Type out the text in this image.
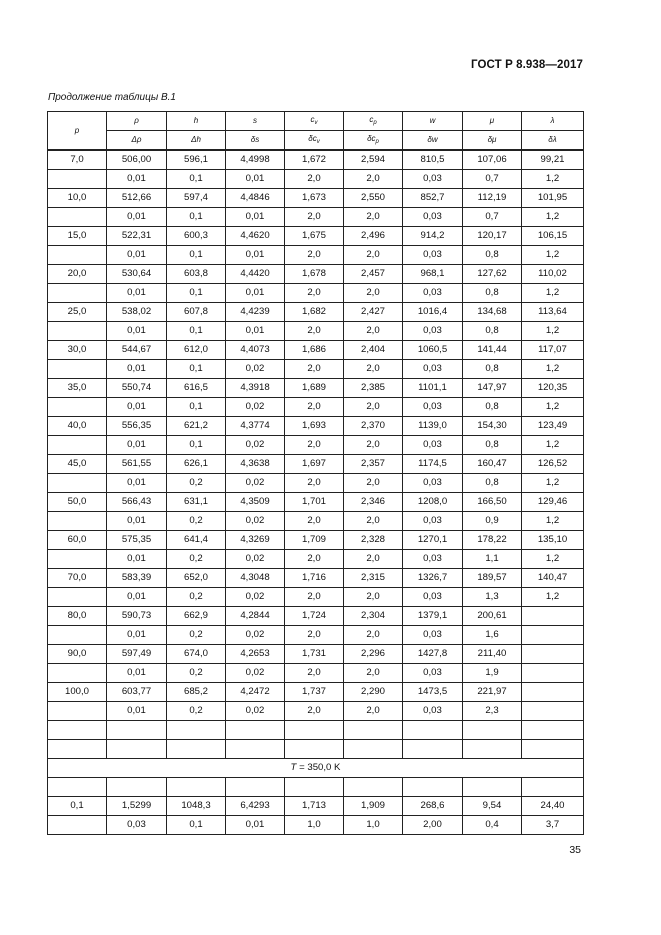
ГОСТ Р 8.938—2017
Продолжение таблицы В.1
p	ρ	h	s	$c_v$	$c_p$	w	μ	λ
	Δρ	Δh	δs	$\delta c_v$	$\delta c_p$	δw	δμ	δλ
7,0	506,00	596,1	4,4998	1,672	2,594	810,5	107,06	99,21
	0,01	0,1	0,01	2,0	2,0	0,03	0,7	1,2
10,0	512,66	597,4	4,4846	1,673	2,550	852,7	112,19	101,95
	0,01	0,1	0,01	2,0	2,0	0,03	0,7	1,2
15,0	522,31	600,3	4,4620	1,675	2,496	914,2	120,17	106,15
	0,01	0,1	0,01	2,0	2,0	0,03	0,8	1,2
20,0	530,64	603,8	4,4420	1,678	2,457	968,1	127,62	110,02
	0,01	0,1	0,01	2,0	2,0	0,03	0,8	1,2
25,0	538,02	607,8	4,4239	1,682	2,427	1016,4	134,68	113,64
	0,01	0,1	0,01	2,0	2,0	0,03	0,8	1,2
30,0	544,67	612,0	4,4073	1,686	2,404	1060,5	141,44	117,07
	0,01	0,1	0,02	2,0	2,0	0,03	0,8	1,2
35,0	550,74	616,5	4,3918	1,689	2,385	1101,1	147,97	120,35
	0,01	0,1	0,02	2,0	2,0	0,03	0,8	1,2
40,0	556,35	621,2	4,3774	1,693	2,370	1139,0	154,30	123,49
	0,01	0,1	0,02	2,0	2,0	0,03	0,8	1,2
45,0	561,55	626,1	4,3638	1,697	2,357	1174,5	160,47	126,52
	0,01	0,2	0,02	2,0	2,0	0,03	0,8	1,2
50,0	566,43	631,1	4,3509	1,701	2,346	1208,0	166,50	129,46
	0,01	0,2	0,02	2,0	2,0	0,03	0,9	1,2
60,0	575,35	641,4	4,3269	1,709	2,328	1270,1	178,22	135,10
	0,01	0,2	0,02	2,0	2,0	0,03	1,1	1,2
70,0	583,39	652,0	4,3048	1,716	2,315	1326,7	189,57	140,47
	0,01	0,2	0,02	2,0	2,0	0,03	1,3	1,2
80,0	590,73	662,9	4,2844	1,724	2,304	1379,1	200,61	
	0,01	0,2	0,02	2,0	2,0	0,03	1,6	
90,0	597,49	674,0	4,2653	1,731	2,296	1427,8	211,40	
	0,01	0,2	0,02	2,0	2,0	0,03	1,9	
100,0	603,77	685,2	4,2472	1,737	2,290	1473,5	221,97	
	0,01	0,2	0,02	2,0	2,0	0,03	2,3	

T = 350,0 K								

0,1	1,5299	1048,3	6,4293	1,713	1,909	268,6	9,54	24,40
	0,03	0,1	0,01	1,0	1,0	2,00	0,4	3,7
35
